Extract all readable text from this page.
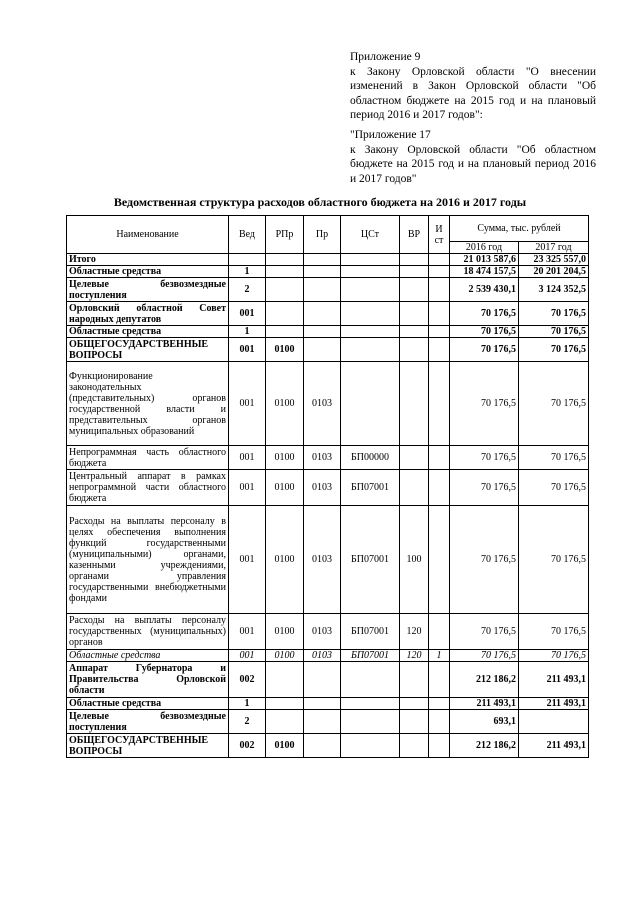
Приложение 9

к Закону Орловской области "О внесении изменений в Закон Орловской области "Об областном бюджете на 2015 год и на плановый период 2016 и 2017 годов":

"Приложение 17

к Закону Орловской области "Об областном бюджете на 2015 год и на плановый период 2016 и 2017 годов"

Ведомственная структура расходов областного бюджета на 2016 и 2017 годы
Наименование	Вед	РПр	Пр	ЦСт	ВР	И ст	Сумма, тыс. рублей	
							2016 год	2017 год
Итого							21 013 587,6	23 325 557,0
Областные средства	1						18 474 157,5	20 201 204,5
Целевые безвозмездные поступления	2						2 539 430,1	3 124 352,5
Орловский областной Совет народных депутатов	001						70 176,5	70 176,5
Областные средства	1						70 176,5	70 176,5
ОБЩЕГОСУДАРСТВЕННЫЕ ВОПРОСЫ	001	0100					70 176,5	70 176,5
Функционирование законодательных (представительных) органов государственной власти и представительных органов муниципальных образований	001	0100	0103				70 176,5	70 176,5
Непрограммная часть областного бюджета	001	0100	0103	БП00000			70 176,5	70 176,5
Центральный аппарат в рамках непрограммной части областного бюджета	001	0100	0103	БП07001			70 176,5	70 176,5
Расходы на выплаты персоналу в целях обеспечения выполнения функций государственными (муниципальными) органами, казенными учреждениями, органами управления государственными внебюджетными фондами	001	0100	0103	БП07001	100		70 176,5	70 176,5
Расходы на выплаты персоналу государственных (муниципальных) органов	001	0100	0103	БП07001	120		70 176,5	70 176,5
Областные средства	001	0100	0103	БП07001	120	1	70 176,5	70 176,5
Аппарат Губернатора и Правительства Орловской области	002						212 186,2	211 493,1
Областные средства	1						211 493,1	211 493,1
Целевые безвозмездные поступления	2						693,1	
ОБЩЕГОСУДАРСТВЕННЫЕ ВОПРОСЫ	002	0100					212 186,2	211 493,1
